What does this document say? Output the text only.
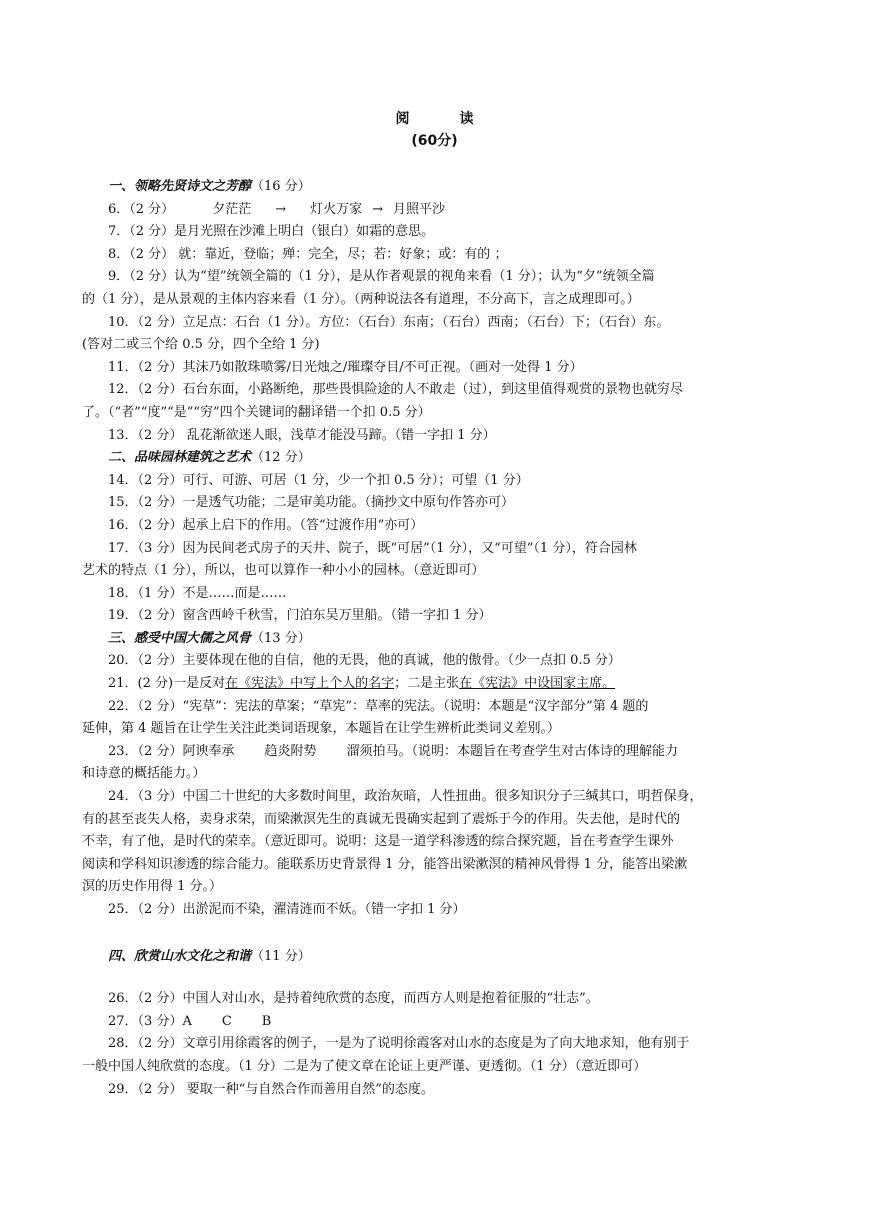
阅　读
(60分)
一、领略先贤诗文之芳醇（16 分）
6．（2 分）	夕茫茫 → 灯火万家 → 月照平沙
7．（2 分）是月光照在沙滩上明白（银白）如霜的意思。
8．（2 分） 就：靠近，登临；殚：完全，尽；若：好象；或：有的 ；
9．（2 分）认为“望”统领全篇的（1 分），是从作者观景的视角来看（1 分）；认为“夕”统领全篇
的（1 分），是从景观的主体内容来看（1 分）。（两种说法各有道理，不分高下，言之成理即可。）
10．（2 分）立足点：石台（1 分）。方位：（石台）东南；（石台）西南；（石台）下；（石台）东。
(答对二或三个给 0.5 分，四个全给 1 分)
11．（2 分）其沫乃如散珠喷雾/日光烛之/璀璨夺目/不可正视。（画对一处得 1 分）
12．（2 分）石台东面，小路断绝，那些畏惧险途的人不敢走（过），到这里值得观赏的景物也就穷尽
了。（“者”“度”“是”“穷”四个关键词的翻译错一个扣 0.5 分）
13．（2 分） 乱花渐欲迷人眼，浅草才能没马蹄。（错一字扣 1 分）
二、品味园林建筑之艺术（12 分）
14．（2 分）可行、可游、可居（1 分，少一个扣 0.5 分）；可望（1 分）
15．（2 分）一是透气功能；二是审美功能。（摘抄文中原句作答亦可）
16．（2 分）起承上启下的作用。（答“过渡作用”亦可）
17．（3 分）因为民间老式房子的天井、院子，既“可居”（1 分），又“可望”（1 分），符合园林
艺术的特点（1 分），所以，也可以算作一种小小的园林。（意近即可）
18．（1 分）不是……而是……
19．（2 分）窗含西岭千秋雪，门泊东吴万里船。（错一字扣 1 分）
三、感受中国大儒之风骨（13 分）
20．（2 分）主要体现在他的自信，他的无畏，他的真诚，他的傲骨。（少一点扣 0.5 分）
21．(2 分)一是反对在《宪法》中写上个人的名字；二是主张在《宪法》中设国家主席。
22．（2 分）“宪草”：宪法的草案；“草宪”：草率的宪法。（说明：本题是“汉字部分”第 4 题的
延伸，第 4 题旨在让学生关注此类词语现象，本题旨在让学生辨析此类词义差别。）
23．（2 分）阿谀奉承 趋炎附势 溜须拍马。（说明：本题旨在考查学生对古体诗的理解能力
和诗意的概括能力。）
24．（3 分）中国二十世纪的大多数时间里，政治灰暗，人性扭曲。很多知识分子三缄其口，明哲保身，
有的甚至丧失人格，卖身求荣，而梁漱溟先生的真诚无畏确实起到了震烁于今的作用。失去他，是时代的
不幸，有了他，是时代的荣幸。（意近即可。说明：这是一道学科渗透的综合探究题，旨在考查学生课外
阅读和学科知识渗透的综合能力。能联系历史背景得 1 分，能答出梁漱溟的精神风骨得 1 分，能答出梁漱
溟的历史作用得 1 分。）
25．（2 分）出淤泥而不染，濯清涟而不妖。（错一字扣 1 分）
四、欣赏山水文化之和谐（11 分）
26．（2 分）中国人对山水，是持着纯欣赏的态度，而西方人则是抱着征服的“壮志”。
27．（3 分）A C B
28．（2 分）文章引用徐霞客的例子，一是为了说明徐霞客对山水的态度是为了向大地求知，他有别于
一般中国人纯欣赏的态度。（1 分）二是为了使文章在论证上更严谨、更透彻。（1 分）（意近即可）
29．（2 分） 要取一种“与自然合作而善用自然”的态度。
